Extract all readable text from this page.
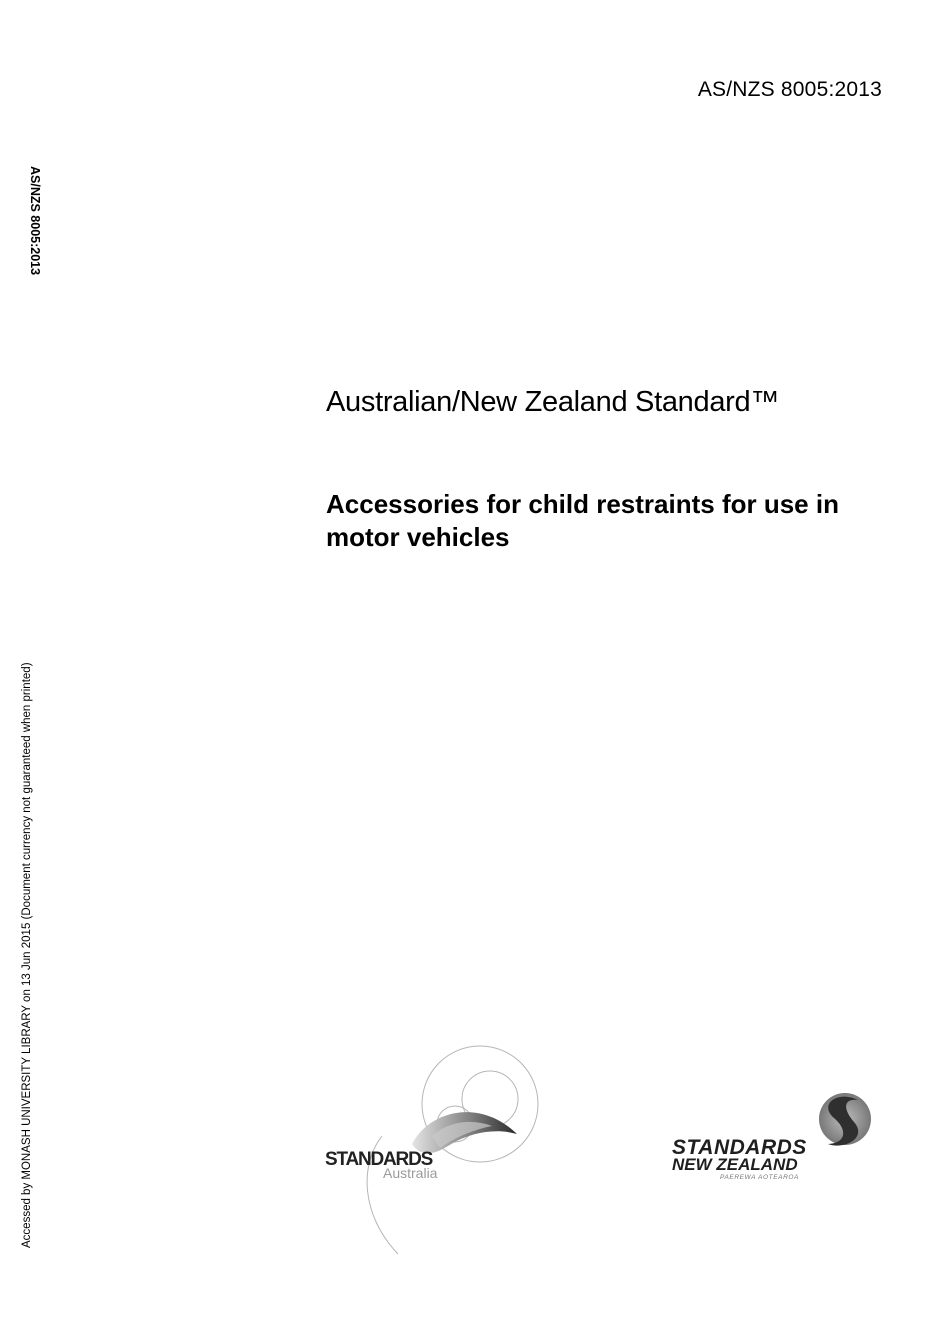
AS/NZS 8005:2013
AS/NZS 8005:2013
Accessed by MONASH UNIVERSITY LIBRARY on 13 Jun 2015 (Document currency not guaranteed when printed)
Australian/New Zealand Standard™
Accessories for child restraints for use in motor vehicles
STANDARDS
Australia
STANDARDS
NEW ZEALAND
PAEREWA AOTEAROA
